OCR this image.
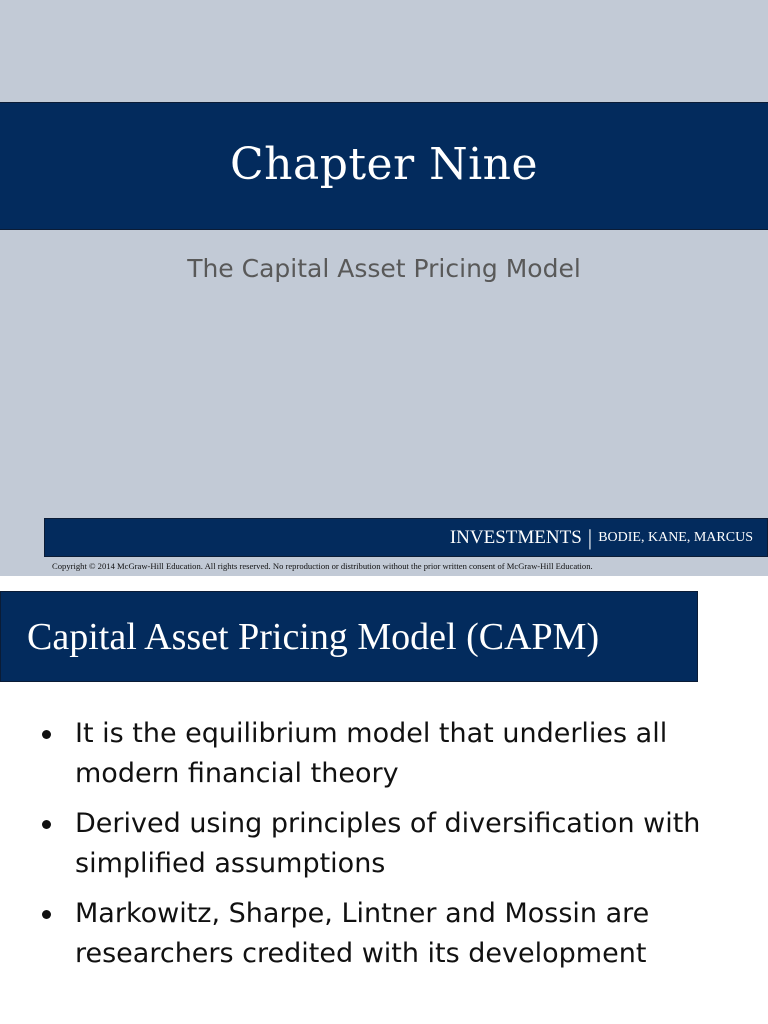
Chapter Nine
The Capital Asset Pricing Model
INVESTMENTS | BODIE, KANE, MARCUS
Copyright © 2014 McGraw-Hill Education. All rights reserved. No reproduction or distribution without the prior written consent of McGraw-Hill Education.
Capital Asset Pricing Model (CAPM)
It is the equilibrium model that underlies all modern financial theory
Derived using principles of diversification with simplified assumptions
Markowitz, Sharpe, Lintner and Mossin are researchers credited with its development
